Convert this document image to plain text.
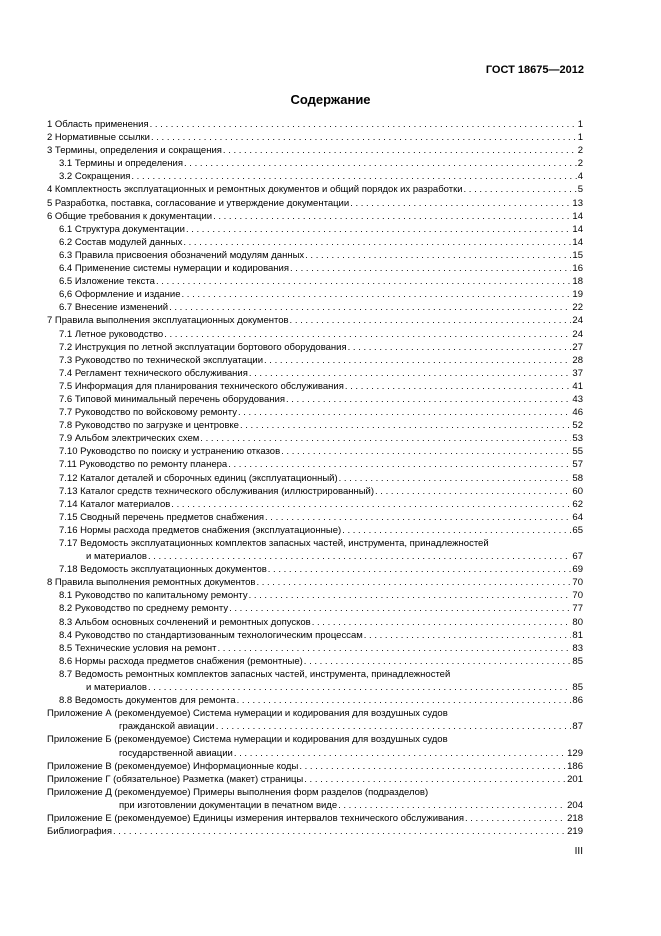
ГОСТ 18675—2012
Содержание
1 Область применения . . .	1
2 Нормативные ссылки . . .	1
3 Термины, определения и сокращения . . .	2
3.1 Термины и определения . . .	2
3.2 Сокращения . . .	4
4 Комплектность эксплуатационных и ремонтных документов и общий порядок их разработки . . .	5
5 Разработка, поставка, согласование и утверждение документации . . .	13
6 Общие требования к документации . . .	14
6.1 Структура документации . . .	14
6.2 Состав модулей данных . . .	14
6.3 Правила присвоения обозначений модулям данных . . .	15
6.4 Применение системы нумерации и кодирования . . .	16
6.5 Изложение текста . . .	18
6,6 Оформление и издание . . .	19
6.7 Внесение изменений . . .	22
7 Правила выполнения эксплуатационных документов . . .	24
7.1 Летное руководство . . .	24
7.2 Инструкция по летной эксплуатации бортового оборудования . . .	27
7.3 Руководство по технической эксплуатации . . .	28
7.4 Регламент технического обслуживания . . .	37
7.5 Информация для планирования технического обслуживания . . .	41
7.6 Типовой минимальный перечень оборудования . . .	43
7.7 Руководство по войсковому ремонту . . .	46
7.8 Руководство по загрузке и центровке . . .	52
7.9 Альбом электрических схем . . .	53
7.10 Руководство по поиску и устранению отказов . . .	55
7.11 Руководство по ремонту планера . . .	57
7.12 Каталог деталей и сборочных единиц (эксплуатационный) . . .	58
7.13 Каталог средств технического обслуживания (иллюстрированный) . . .	60
7.14 Каталог материалов . . .	62
7.15 Сводный перечень предметов снабжения . . .	64
7.16 Нормы расхода предметов снабжения (эксплуатационные) . . .	65
7.17 Ведомость эксплуатационных комплектов запасных частей, инструмента, принадлежностей
и материалов . . .	67
7.18 Ведомость эксплуатационных документов . . .	69
8 Правила выполнения ремонтных документов . . .	70
8.1 Руководство по капитальному ремонту . . .	70
8.2 Руководство по среднему ремонту . . .	77
8.3 Альбом основных сочленений и ремонтных допусков . . .	80
8.4 Руководство по стандартизованным технологическим процессам . . .	81
8.5 Технические условия на ремонт . . .	83
8.6 Нормы расхода предметов снабжения (ремонтные) . . .	85
8.7 Ведомость ремонтных комплектов запасных частей, инструмента, принадлежностей
и материалов . . .	85
8.8 Ведомость документов для ремонта . . .	86
Приложение А (рекомендуемое) Система нумерации и кодирования для воздушных судов
гражданской авиации . . .	87
Приложение Б (рекомендуемое) Система нумерации и кодирования для воздушных судов
государственной авиации . . .	129
Приложение В (рекомендуемое) Информационные коды . . .	186
Приложение Г (обязательное) Разметка (макет) страницы . . .	201
Приложение Д (рекомендуемое) Примеры выполнения форм разделов (подразделов)
при изготовлении документации в печатном виде . . .	204
Приложение Е (рекомендуемое) Единицы измерения интервалов технического обслуживания . . .	218
Библиография . . .	219
III
